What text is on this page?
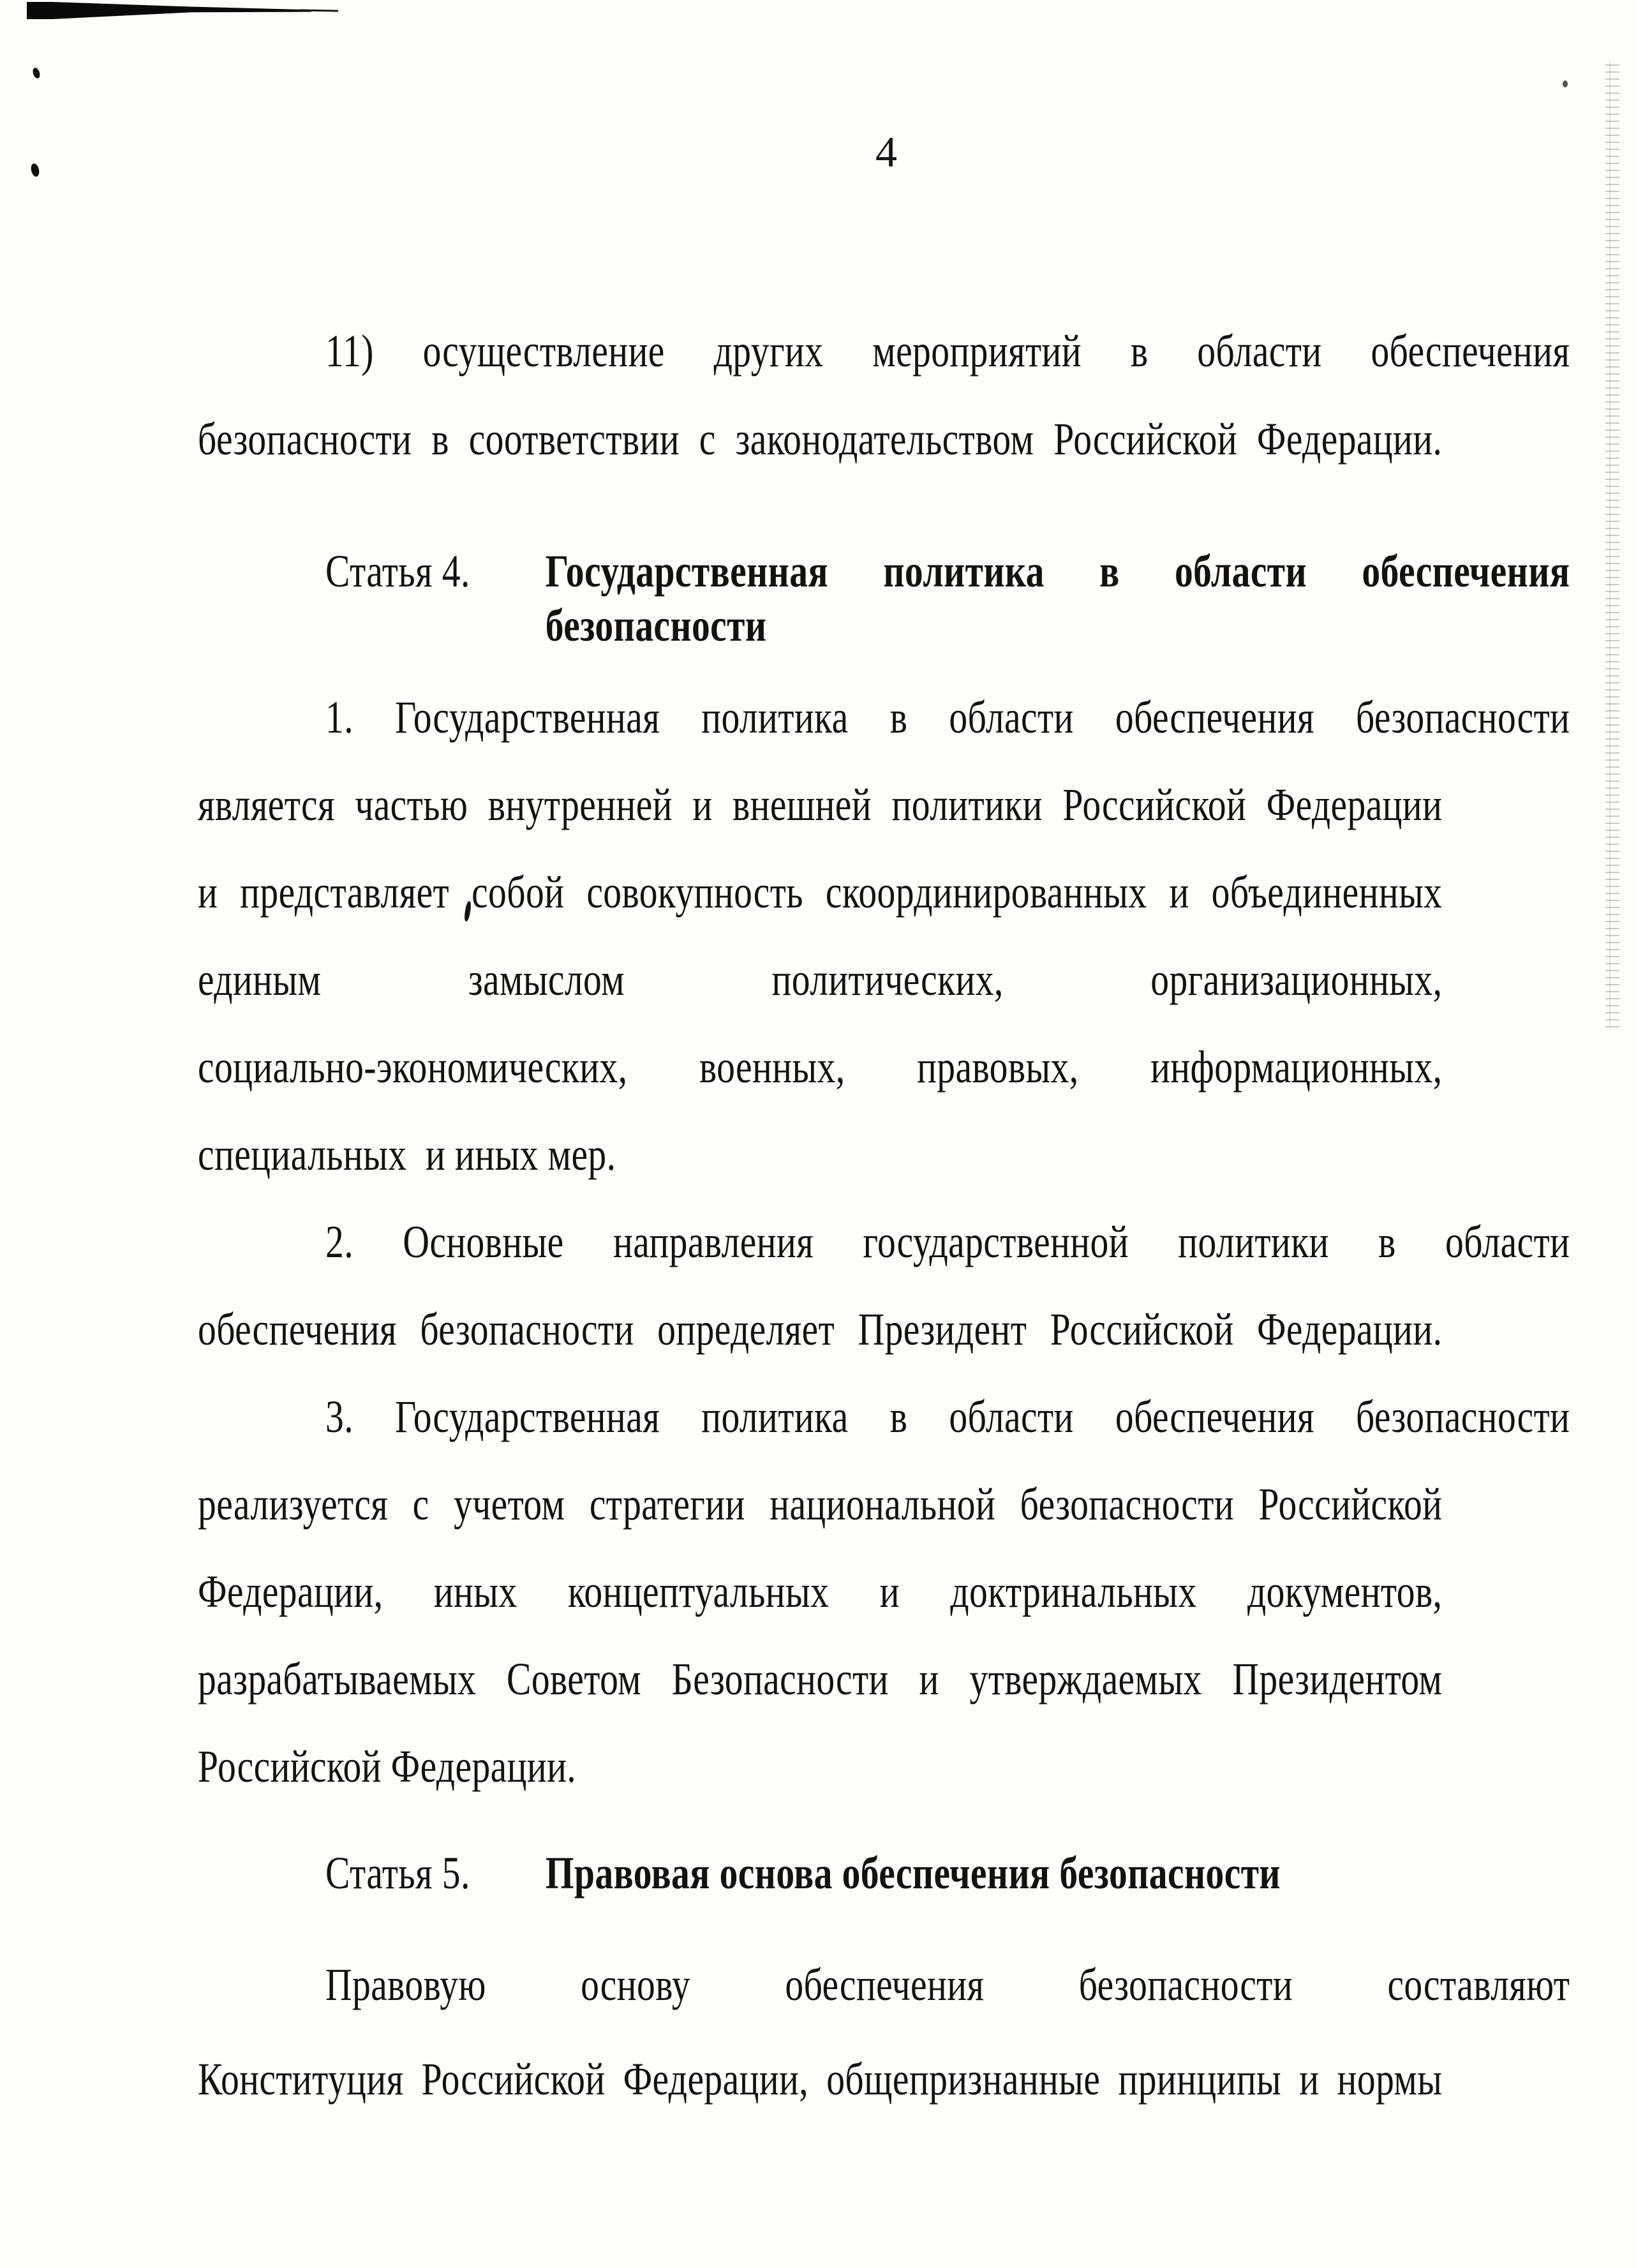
4
11) осуществление других мероприятий в области обеспечения
безопасности в соответствии с законодательством Российской Федерации.
Статья 4.	Государственная политика в области обеспечения
безопасности
1. Государственная политика в области обеспечения безопасности
является частью внутренней и внешней политики Российской Федерации
и представляет собой совокупность скоординированных и объединенных
единым	замыслом	политических,	организационных,
социально-экономических, военных, правовых, информационных,
специальных  и иных мер.
2. Основные направления государственной политики в области
обеспечения безопасности определяет Президент Российской Федерации.
3. Государственная политика в области обеспечения безопасности
реализуется с учетом стратегии национальной безопасности Российской
Федерации, иных концептуальных и доктринальных документов,
разрабатываемых Советом Безопасности и утверждаемых Президентом
Российской Федерации.
Статья 5.	Правовая основа обеспечения безопасности
Правовую основу обеспечения безопасности составляют
Конституция Российской Федерации, общепризнанные принципы и нормы
